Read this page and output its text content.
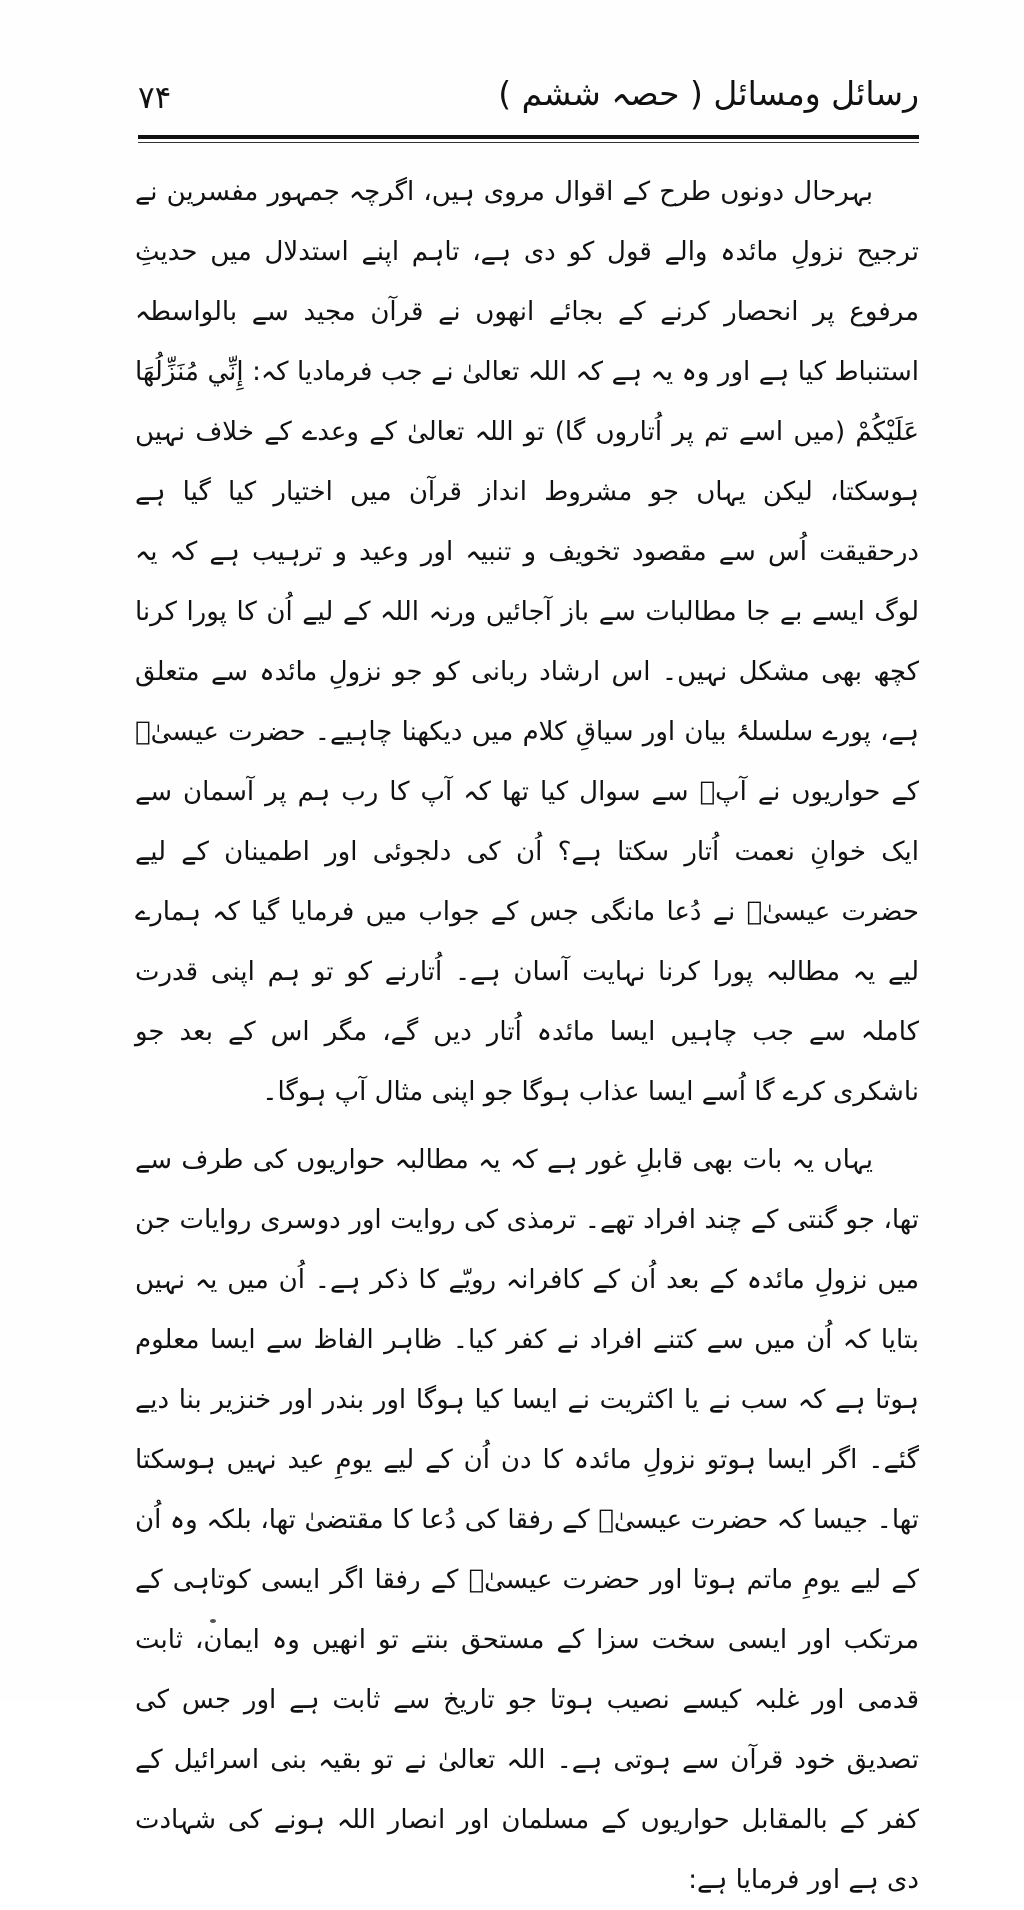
رسائل ومسائل ( حصہ ششم )
۷۴

بہرحال دونوں طرح کے اقوال مروی ہیں، اگرچہ جمہور مفسرین نے ترجیح نزولِ مائدہ والے قول کو دی ہے، تاہم اپنے استدلال میں حدیثِ مرفوع پر انحصار کرنے کے بجائے انھوں نے قرآن مجید سے بالواسطہ استنباط کیا ہے اور وہ یہ ہے کہ اللہ تعالیٰ نے جب فرمادیا کہ: إِنِّي مُنَزِّلُهَا عَلَيْكُمْ (میں اسے تم پر اُتاروں گا) تو اللہ تعالیٰ کے وعدے کے خلاف نہیں ہوسکتا، لیکن یہاں جو مشروط انداز قرآن میں اختیار کیا گیا ہے درحقیقت اُس سے مقصود تخویف و تنبیہ اور وعید و ترہیب ہے کہ یہ لوگ ایسے بے جا مطالبات سے باز آجائیں ورنہ اللہ کے لیے اُن کا پورا کرنا کچھ بھی مشکل نہیں۔ اس ارشاد ربانی کو جو نزولِ مائدہ سے متعلق ہے، پورے سلسلۂ بیان اور سیاقِ کلام میں دیکھنا چاہیے۔ حضرت عیسیٰؑ کے حواریوں نے آپؑ سے سوال کیا تھا کہ آپ کا رب ہم پر آسمان سے ایک خوانِ نعمت اُتار سکتا ہے؟ اُن کی دلجوئی اور اطمینان کے لیے حضرت عیسیٰؑ نے دُعا مانگی جس کے جواب میں فرمایا گیا کہ ہمارے لیے یہ مطالبہ پورا کرنا نہایت آسان ہے۔ اُتارنے کو تو ہم اپنی قدرت کاملہ سے جب چاہیں ایسا مائدہ اُتار دیں گے، مگر اس کے بعد جو ناشکری کرے گا اُسے ایسا عذاب ہوگا جو اپنی مثال آپ ہوگا۔

یہاں یہ بات بھی قابلِ غور ہے کہ یہ مطالبہ حواریوں کی طرف سے تھا، جو گنتی کے چند افراد تھے۔ ترمذی کی روایت اور دوسری روایات جن میں نزولِ مائدہ کے بعد اُن کے کافرانہ رویّے کا ذکر ہے۔ اُن میں یہ نہیں بتایا کہ اُن میں سے کتنے افراد نے کفر کیا۔ ظاہر الفاظ سے ایسا معلوم ہوتا ہے کہ سب نے یا اکثریت نے ایسا کیا ہوگا اور بندر اور خنزیر بنا دیے گئے۔ اگر ایسا ہوتو نزولِ مائدہ کا دن اُن کے لیے یومِ عید نہیں ہوسکتا تھا۔ جیسا کہ حضرت عیسیٰؑ کے رفقا کی دُعا کا مقتضیٰ تھا، بلکہ وہ اُن کے لیے یومِ ماتم ہوتا اور حضرت عیسیٰؑ کے رفقا اگر ایسی کوتاہی کے مرتکب اور ایسی سخت سزا کے مستحق بنتے تو انھیں وہ ایمان، ثابت قدمی اور غلبہ کیسے نصیب ہوتا جو تاریخ سے ثابت ہے اور جس کی تصدیق خود قرآن سے ہوتی ہے۔ اللہ تعالیٰ نے تو بقیہ بنی اسرائیل کے کفر کے بالمقابل حواریوں کے مسلمان اور انصار اللہ ہونے کی شہادت دی ہے اور فرمایا ہے:
